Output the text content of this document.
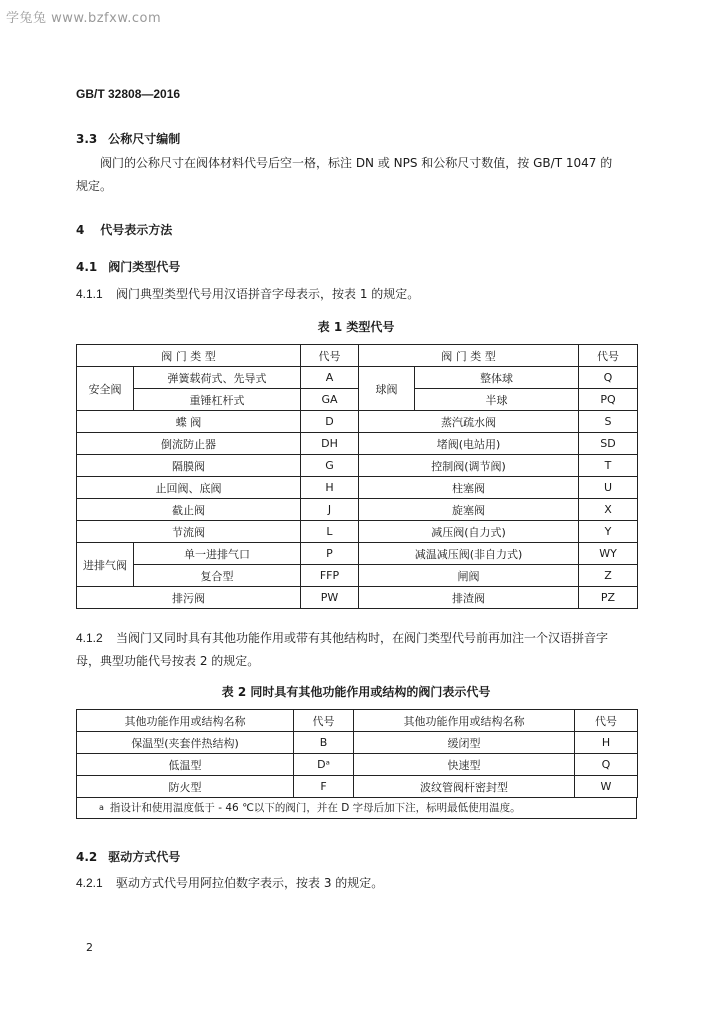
学兔兔 www.bzfxw.com
GB/T 32808—2016
3.3 公称尺寸编制
阀门的公称尺寸在阀体材料代号后空一格，标注 DN 或 NPS 和公称尺寸数值，按 GB/T 1047 的
规定。
4 代号表示方法
4.1 阀门类型代号
4.1.1 阀门典型类型代号用汉语拼音字母表示，按表 1 的规定。
表 1 类型代号
阀 门 类 型		代号	阀 门 类 型		代号
安全阀	弹簧载荷式、先导式	A	球阀	整体球	Q
	重锤杠杆式	GA		半球	PQ
蝶 阀		D	蒸汽疏水阀		S
倒流防止器		DH	堵阀(电站用)		SD
隔膜阀		G	控制阀(调节阀)		T
止回阀、底阀		H	柱塞阀		U
截止阀		J	旋塞阀		X
节流阀		L	减压阀(自力式)		Y
进排气阀	单一进排气口	P	减温减压阀(非自力式)		WY
	复合型	FFP	闸阀		Z
排污阀		PW	排渣阀		PZ
4.1.2 当阀门又同时具有其他功能作用或带有其他结构时，在阀门类型代号前再加注一个汉语拼音字
母，典型功能代号按表 2 的规定。
表 2 同时具有其他功能作用或结构的阀门表示代号
其他功能作用或结构名称	代号	其他功能作用或结构名称	代号
保温型(夹套伴热结构)	B	缓闭型	H
低温型	Dᵃ	快速型	Q
防火型	F	波纹管阀杆密封型	W
$^a$ 指设计和使用温度低于 - 46 ℃以下的阀门，并在 D 字母后加下注，标明最低使用温度。
4.2 驱动方式代号
4.2.1 驱动方式代号用阿拉伯数字表示，按表 3 的规定。
2
